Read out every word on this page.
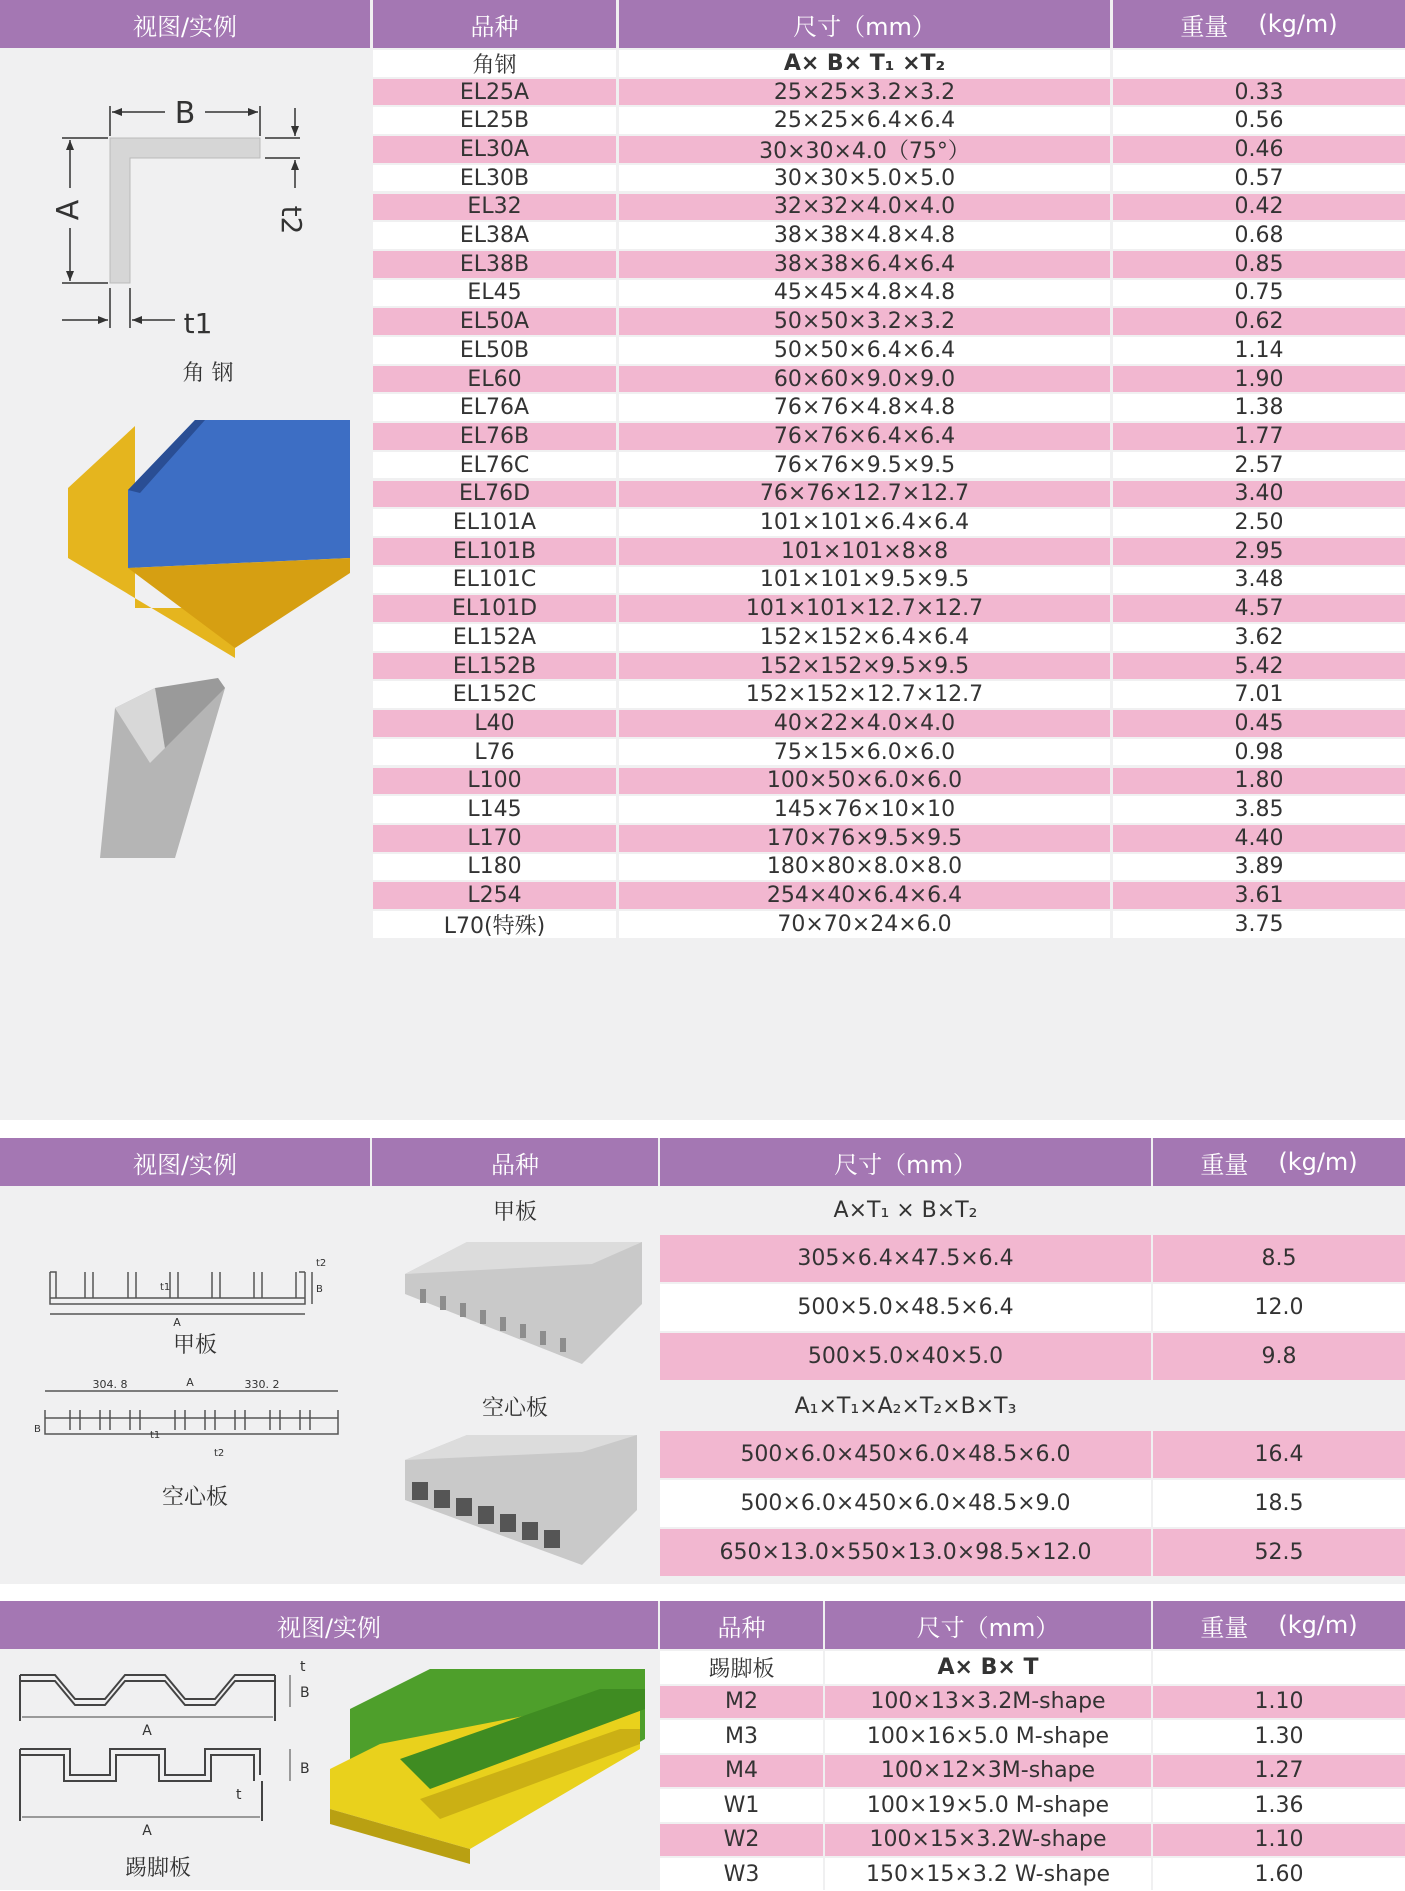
视图/实例	品种	尺寸（mm）	重量 (kg/m)
B
A	t2
t1
角 钢
角钢	A× B× T₁ ×T₂
EL25A	25×25×3.2×3.2	0.33
EL25B	25×25×6.4×6.4	0.56
EL30A	30×30×4.0（75°）	0.46
EL30B	30×30×5.0×5.0	0.57
EL32	32×32×4.0×4.0	0.42
EL38A	38×38×4.8×4.8	0.68
EL38B	38×38×6.4×6.4	0.85
EL45	45×45×4.8×4.8	0.75
EL50A	50×50×3.2×3.2	0.62
EL50B	50×50×6.4×6.4	1.14
EL60	60×60×9.0×9.0	1.90
EL76A	76×76×4.8×4.8	1.38
EL76B	76×76×6.4×6.4	1.77
EL76C	76×76×9.5×9.5	2.57
EL76D	76×76×12.7×12.7	3.40
EL101A	101×101×6.4×6.4	2.50
EL101B	101×101×8×8	2.95
EL101C	101×101×9.5×9.5	3.48
EL101D	101×101×12.7×12.7	4.57
EL152A	152×152×6.4×6.4	3.62
EL152B	152×152×9.5×9.5	5.42
EL152C	152×152×12.7×12.7	7.01
L40	40×22×4.0×4.0	0.45
L76	75×15×6.0×6.0	0.98
L100	100×50×6.0×6.0	1.80
L145	145×76×10×10	3.85
L170	170×76×9.5×9.5	4.40
L180	180×80×8.0×8.0	3.89
L254	254×40×6.4×6.4	3.61
L70(特殊)	70×70×24×6.0	3.75
视图/实例	品种	尺寸（mm）	重量 (kg/m)
A
t1
t2
B
甲板
304. 8	A	330. 2
B
t1
t2
空心板
甲板
空心板
A×T₁ × B×T₂
305×6.4×47.5×6.4	8.5
500×5.0×48.5×6.4	12.0
500×5.0×40×5.0	9.8
A₁×T₁×A₂×T₂×B×T₃
500×6.0×450×6.0×48.5×6.0	16.4
500×6.0×450×6.0×48.5×9.0	18.5
650×13.0×550×13.0×98.5×12.0	52.5
视图/实例	品种	尺寸（mm）	重量 (kg/m)
A
B
t
A
B
t
踢脚板
踢脚板	A× B× T
M2	100×13×3.2M-shape	1.10
M3	100×16×5.0 M-shape	1.30
M4	100×12×3M-shape	1.27
W1	100×19×5.0 M-shape	1.36
W2	100×15×3.2W-shape	1.10
W3	150×15×3.2 W-shape	1.60
